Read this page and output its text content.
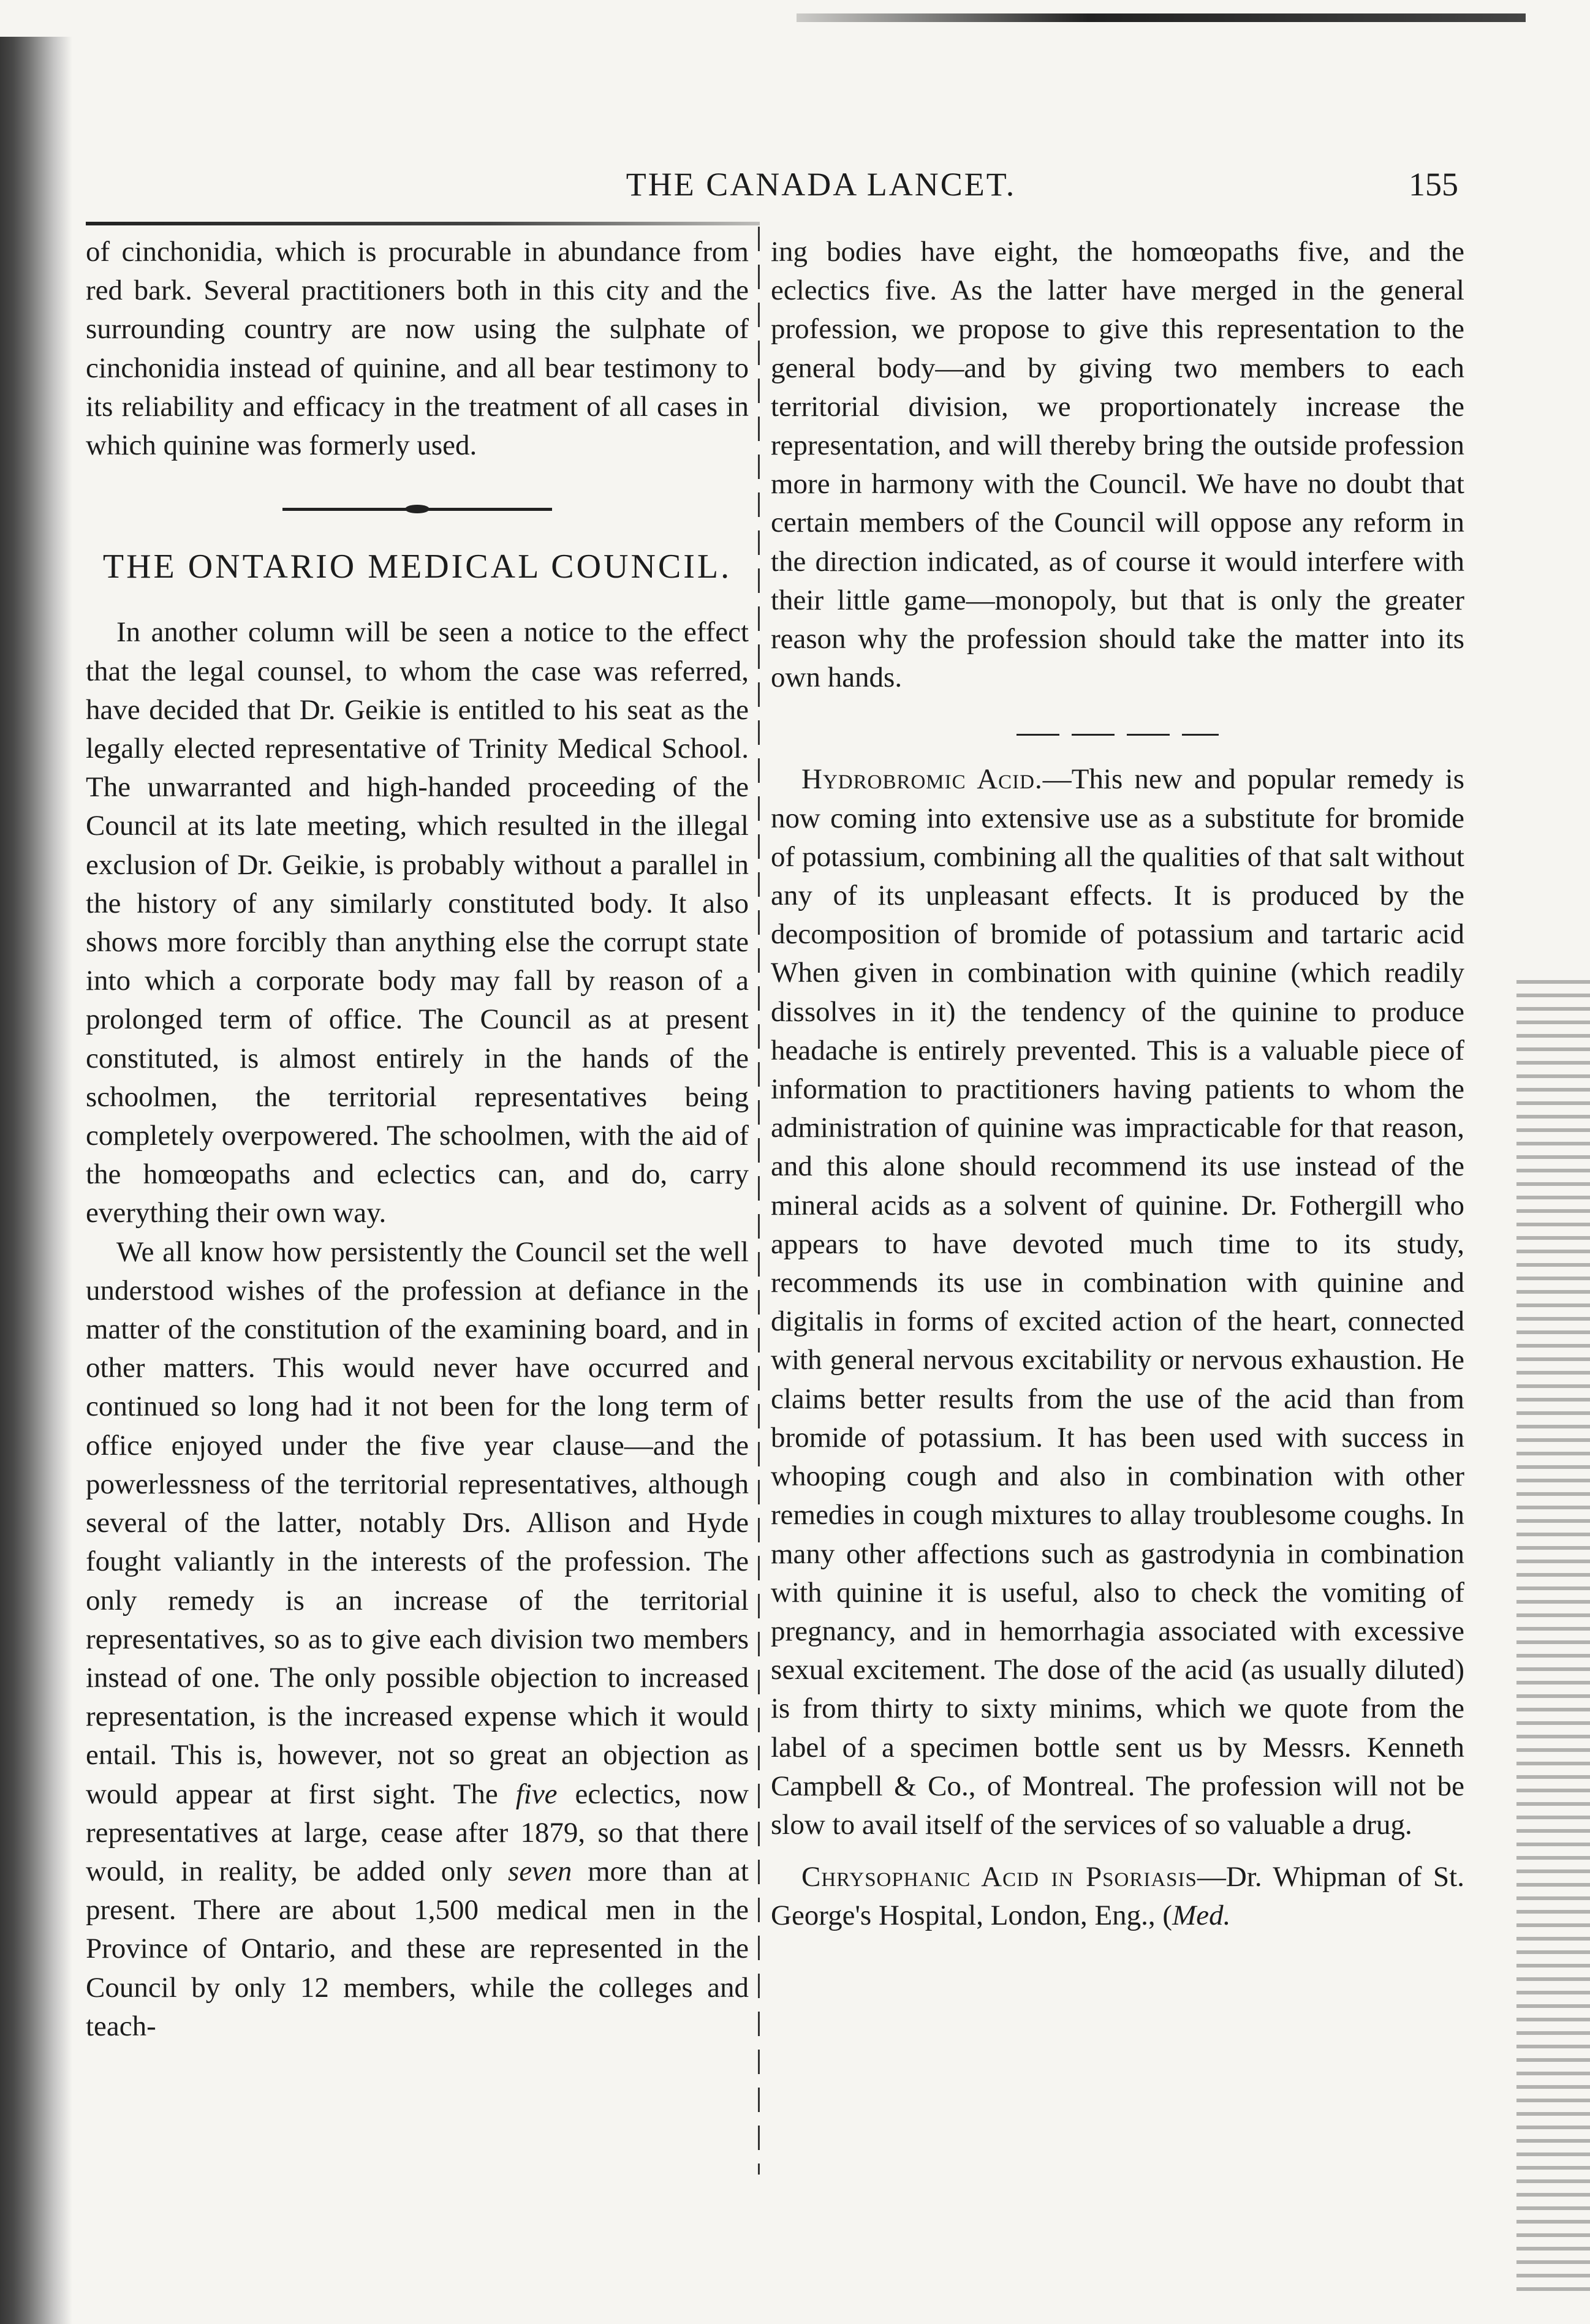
THE CANADA LANCET.	155

of cinchonidia, which is procurable in abundance from red bark. Several practitioners both in this city and the surrounding country are now using the sulphate of cinchonidia instead of quinine, and all bear testimony to its reliability and efficacy in the treatment of all cases in which quinine was formerly used.

THE ONTARIO MEDICAL COUNCIL.

In another column will be seen a notice to the effect that the legal counsel, to whom the case was referred, have decided that Dr. Geikie is entitled to his seat as the legally elected representative of Trinity Medical School. The unwarranted and high-handed proceeding of the Council at its late meeting, which resulted in the illegal exclusion of Dr. Geikie, is probably without a parallel in the history of any similarly constituted body. It also shows more forcibly than anything else the corrupt state into which a corporate body may fall by reason of a prolonged term of office. The Council as at present constituted, is almost entirely in the hands of the schoolmen, the territorial representatives being completely overpowered. The schoolmen, with the aid of the homœopaths and eclectics can, and do, carry everything their own way.

We all know how persistently the Council set the well understood wishes of the profession at defiance in the matter of the constitution of the examining board, and in other matters. This would never have occurred and continued so long had it not been for the long term of office enjoyed under the five year clause—and the powerlessness of the territorial representatives, although several of the latter, notably Drs. Allison and Hyde fought valiantly in the interests of the profession. The only remedy is an increase of the territorial representatives, so as to give each division two members instead of one. The only possible objection to increased representation, is the increased expense which it would entail. This is, however, not so great an objection as would appear at first sight. The five eclectics, now representatives at large, cease after 1879, so that there would, in reality, be added only seven more than at present. There are about 1,500 medical men in the Province of Ontario, and these are represented in the Council by only 12 members, while the colleges and teach-

ing bodies have eight, the homœopaths five, and the eclectics five. As the latter have merged in the general profession, we propose to give this representation to the general body—and by giving two members to each territorial division, we proportionately increase the representation, and will thereby bring the outside profession more in harmony with the Council. We have no doubt that certain members of the Council will oppose any reform in the direction indicated, as of course it would interfere with their little game—monopoly, but that is only the greater reason why the profession should take the matter into its own hands.

Hydrobromic Acid.—This new and popular remedy is now coming into extensive use as a substitute for bromide of potassium, combining all the qualities of that salt without any of its unpleasant effects. It is produced by the decomposition of bromide of potassium and tartaric acid When given in combination with quinine (which readily dissolves in it) the tendency of the quinine to produce headache is entirely prevented. This is a valuable piece of information to practitioners having patients to whom the administration of quinine was impracticable for that reason, and this alone should recommend its use instead of the mineral acids as a solvent of quinine. Dr. Fothergill who appears to have devoted much time to its study, recommends its use in combination with quinine and digitalis in forms of excited action of the heart, connected with general nervous excitability or nervous exhaustion. He claims better results from the use of the acid than from bromide of potassium. It has been used with success in whooping cough and also in combination with other remedies in cough mixtures to allay troublesome coughs. In many other affections such as gastrodynia in combination with quinine it is useful, also to check the vomiting of pregnancy, and in hemorrhagia associated with excessive sexual excitement. The dose of the acid (as usually diluted) is from thirty to sixty minims, which we quote from the label of a specimen bottle sent us by Messrs. Kenneth Campbell & Co., of Montreal. The profession will not be slow to avail itself of the services of so valuable a drug.

Chrysophanic Acid in Psoriasis—Dr. Whipman of St. George's Hospital, London, Eng., (Med.
